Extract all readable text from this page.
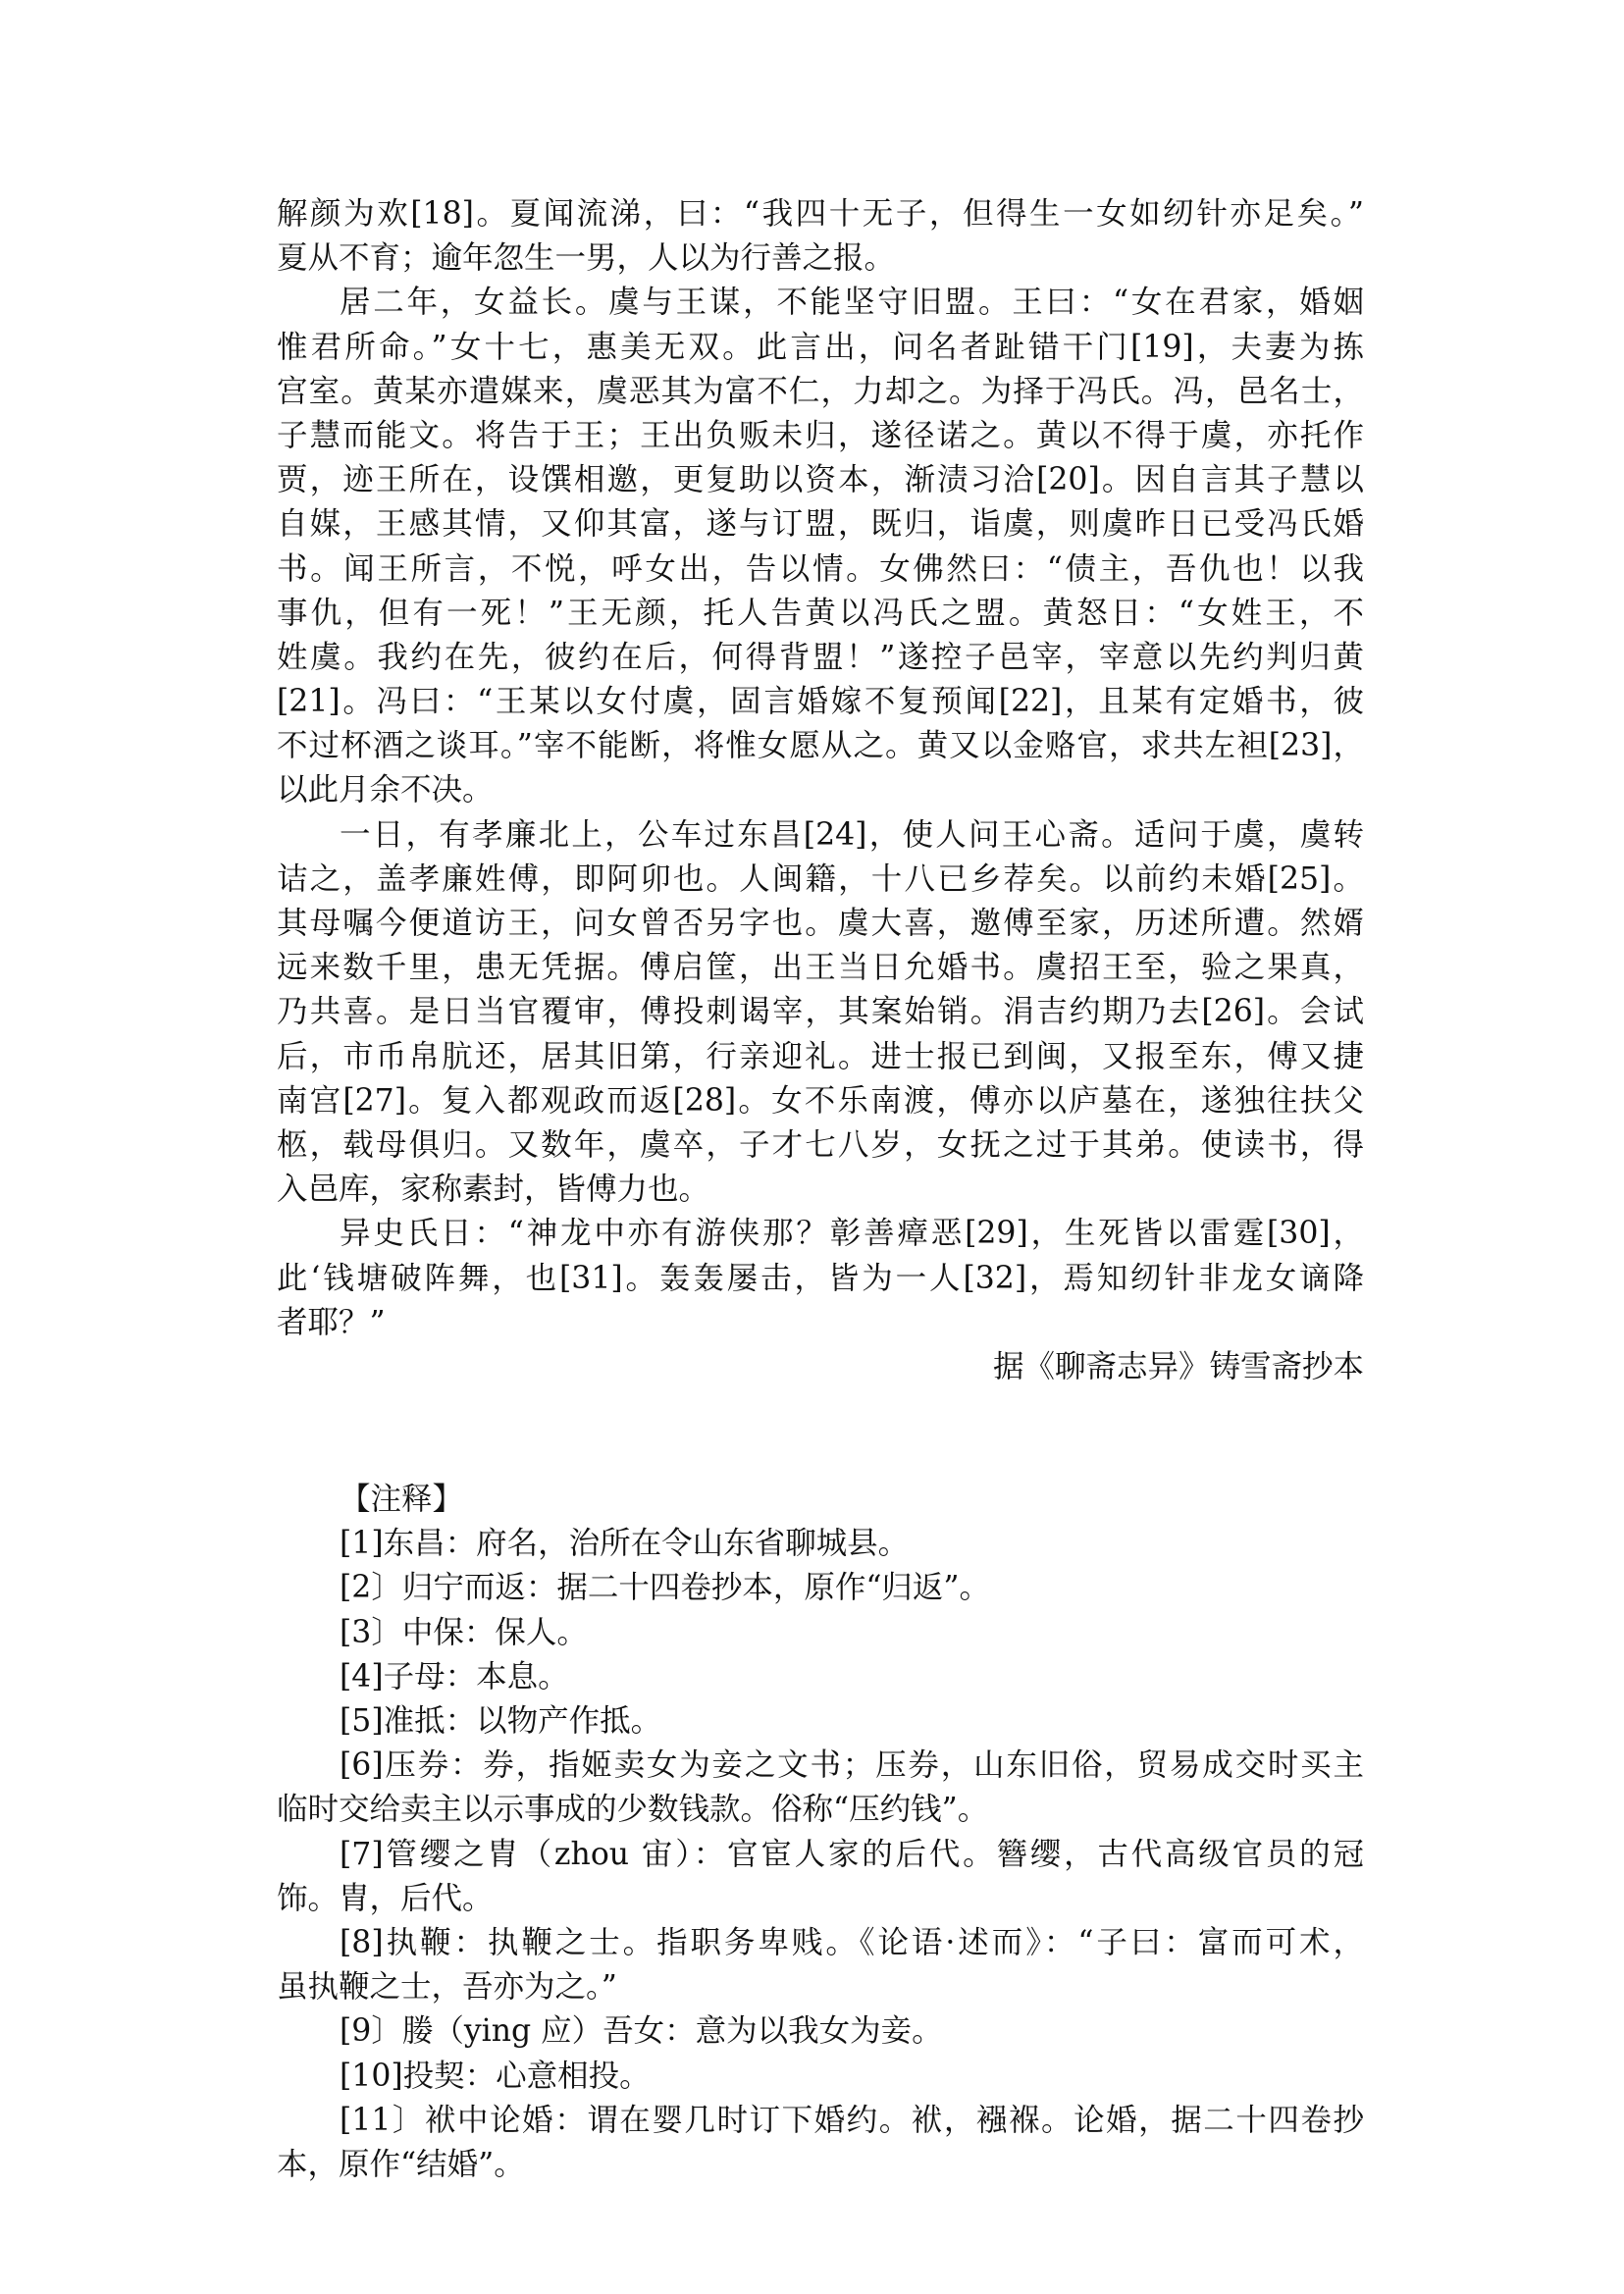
解颜为欢[18]。夏闻流涕，曰：“我四十无子，但得生一女如纫针亦足矣。”
夏从不育；逾年忽生一男，人以为行善之报。
居二年，女益长。虞与王谋，不能坚守旧盟。王曰：“女在君家，婚姻
惟君所命。”女十七，惠美无双。此言出，问名者趾错干门[19]，夫妻为拣
宫室。黄某亦遣媒来，虞恶其为富不仁，力却之。为择于冯氏。冯，邑名士，
子慧而能文。将告于王；王出负贩未归，遂径诺之。黄以不得于虞，亦托作
贾，迹王所在，设馔相邀，更复助以资本，渐渍习洽[20]。因自言其子慧以
自媒，王感其情，又仰其富，遂与订盟，既归，诣虞，则虞昨日已受冯氏婚
书。闻王所言，不悦，呼女出，告以情。女佛然曰：“债主，吾仇也！以我
事仇，但有一死！”王无颜，托人告黄以冯氏之盟。黄怒日：“女姓王，不
姓虞。我约在先，彼约在后，何得背盟！”遂控子邑宰，宰意以先约判归黄
[21]。冯曰：“王某以女付虞，固言婚嫁不复预闻[22]，且某有定婚书，彼
不过杯酒之谈耳。”宰不能断，将惟女愿从之。黄又以金赂官，求共左袒[23]，
以此月余不决。
一日，有孝廉北上，公车过东昌[24]，使人问王心斋。适问于虞，虞转
诘之，盖孝廉姓傅，即阿卯也。人闽籍，十八已乡荐矣。以前约未婚[25]。
其母嘱今便道访王，问女曾否另字也。虞大喜，邀傅至家，历述所遭。然婿
远来数千里，患无凭据。傅启筐，出王当日允婚书。虞招王至，验之果真，
乃共喜。是日当官覆审，傅投刺谒宰，其案始销。涓吉约期乃去[26]。会试
后，市币帛肮还，居其旧第，行亲迎礼。进士报已到闽，又报至东，傅又捷
南宫[27]。复入都观政而返[28]。女不乐南渡，傅亦以庐墓在，遂独往扶父
柩，载母俱归。又数年，虞卒，子才七八岁，女抚之过于其弟。使读书，得
入邑库，家称素封，皆傅力也。
异史氏日：“神龙中亦有游侠那？彰善瘴恶[29]，生死皆以雷霆[30]，
此‘钱塘破阵舞，也[31]。轰轰屡击，皆为一人[32]，焉知纫针非龙女谪降
者耶？”
据《聊斋志异》铸雪斋抄本
【注释】
[1]东昌：府名，治所在令山东省聊城县。
[2〕归宁而返：据二十四卷抄本，原作“归返”。
[3〕中保：保人。
[4]子母：本息。
[5]准抵：以物产作抵。
[6]压券：券，指姬卖女为妾之文书；压券，山东旧俗，贸易成交时买主
临时交给卖主以示事成的少数钱款。俗称“压约钱”。
[7]管缨之胄（zhou 宙）：官宦人家的后代。簪缨，古代高级官员的冠
饰。胄，后代。
[8]执鞭：执鞭之士。指职务卑贱。《论语·述而》：“子曰：富而可术，
虽执鞭之士，吾亦为之。”
[9〕媵（ying 应）吾女：意为以我女为妾。
[10]投契：心意相投。
[11〕袱中论婚：谓在婴几时订下婚约。袱，襁褓。论婚，据二十四卷抄
本，原作“结婚”。
